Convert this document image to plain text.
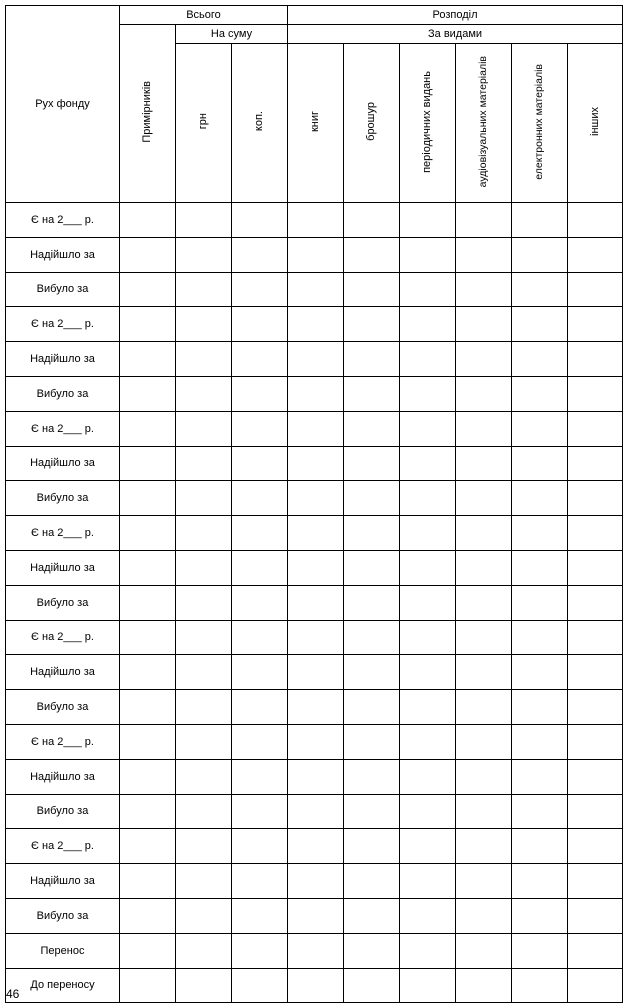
Рух фонду	Всього			Розподіл					
	Примірників	На суму		За видами					
		грн	коп.	книг	брошур	періодичних видань	аудіовізуальних матеріалів	електронних матеріалів	інших
Є на 2___ р.									
Надійшло за									
Вибуло за									
Є на 2___ р.									
Надійшло за									
Вибуло за									
Є на 2___ р.									
Надійшло за									
Вибуло за									
Є на 2___ р.									
Надійшло за									
Вибуло за									
Є на 2___ р.									
Надійшло за									
Вибуло за									
Є на 2___ р.									
Надійшло за									
Вибуло за									
Є на 2___ р.									
Надійшло за									
Вибуло за									
Перенос									
До переносу									
46
